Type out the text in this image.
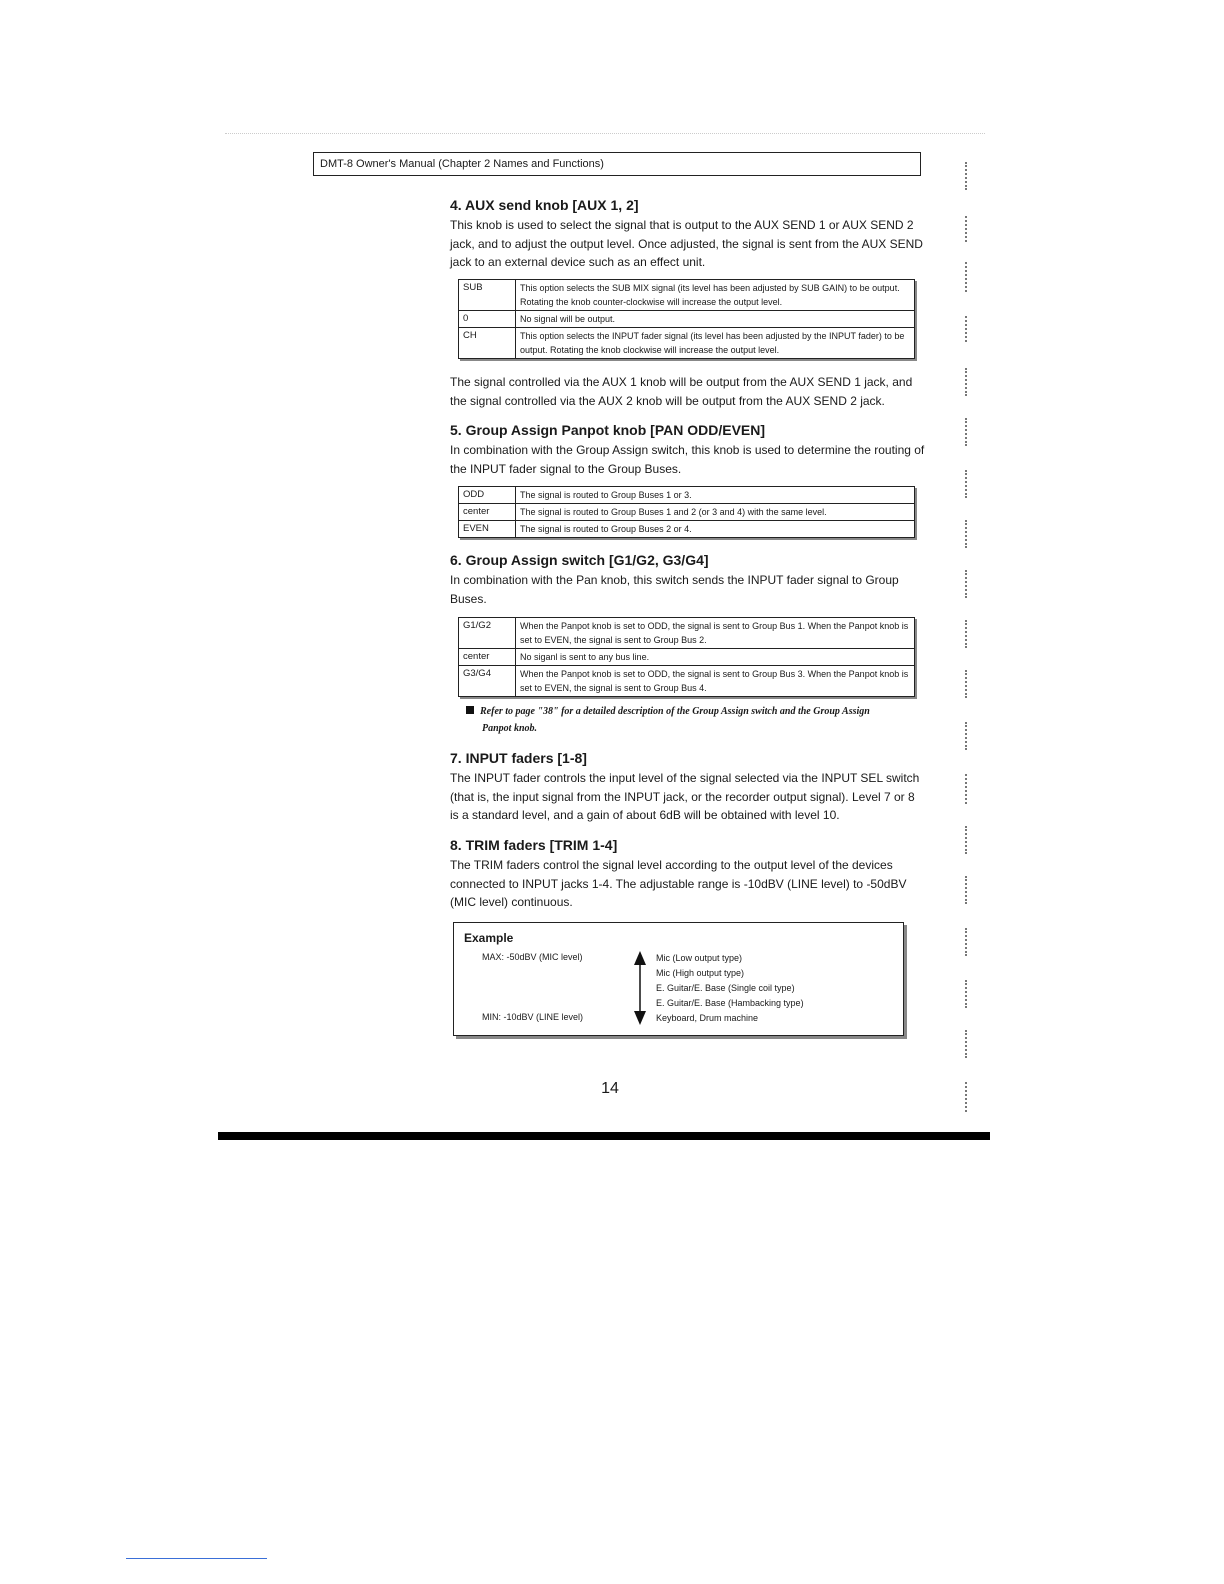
DMT-8 Owner's Manual (Chapter 2 Names and Functions)
4. AUX send knob [AUX 1, 2]

This knob is used to select the signal that is output to the AUX SEND 1 or AUX SEND 2 jack, and to adjust the output level. Once adjusted, the signal is sent from the AUX SEND jack to an external device such as an effect unit.

SUB	This option selects the SUB MIX signal (its level has been adjusted by SUB GAIN) to be output. Rotating the knob counter-clockwise will increase the output level.
0	No signal will be output.
CH	This option selects the INPUT fader signal (its level has been adjusted by the INPUT fader) to be output. Rotating the knob clockwise will increase the output level.

The signal controlled via the AUX 1 knob will be output from the AUX SEND 1 jack, and the signal controlled via the AUX 2 knob will be output from the AUX SEND 2 jack.

5. Group Assign Panpot knob [PAN ODD/EVEN]

In combination with the Group Assign switch, this knob is used to determine the routing of the INPUT fader signal to the Group Buses.

ODD	The signal is routed to Group Buses 1 or 3.
center	The signal is routed to Group Buses 1 and 2 (or 3 and 4) with the same level.
EVEN	The signal is routed to Group Buses 2 or 4.
6. Group Assign switch [G1/G2, G3/G4]

In combination with the Pan knob, this switch sends the INPUT fader signal to Group Buses.

G1/G2	When the Panpot knob is set to ODD, the signal is sent to Group Bus 1. When the Panpot knob is set to EVEN, the signal is sent to Group Bus 2.
center	No siganl is sent to any bus line.
G3/G4	When the Panpot knob is set to ODD, the signal is sent to Group Bus 3. When the Panpot knob is set to EVEN, the signal is sent to Group Bus 4.
Refer to page "38" for a detailed description of the Group Assign switch and the Group Assign
Panpot knob.
7. INPUT faders [1-8]

The INPUT fader controls the input level of the signal selected via the INPUT SEL switch (that is, the input signal from the INPUT jack, or the recorder output signal). Level 7 or 8 is a standard level, and a gain of about 6dB will be obtained with level 10.

8. TRIM faders [TRIM 1-4]

The TRIM faders control the signal level according to the output level of the devices connected to INPUT jacks 1-4. The adjustable range is -10dBV (LINE level) to -50dBV (MIC level) continuous.

Example
MAX: -50dBV (MIC level)
MIN: -10dBV (LINE level)
Mic (Low output type)
Mic (High output type)
E. Guitar/E. Base (Single coil type)
E. Guitar/E. Base (Hambacking type)
Keyboard, Drum machine
14
